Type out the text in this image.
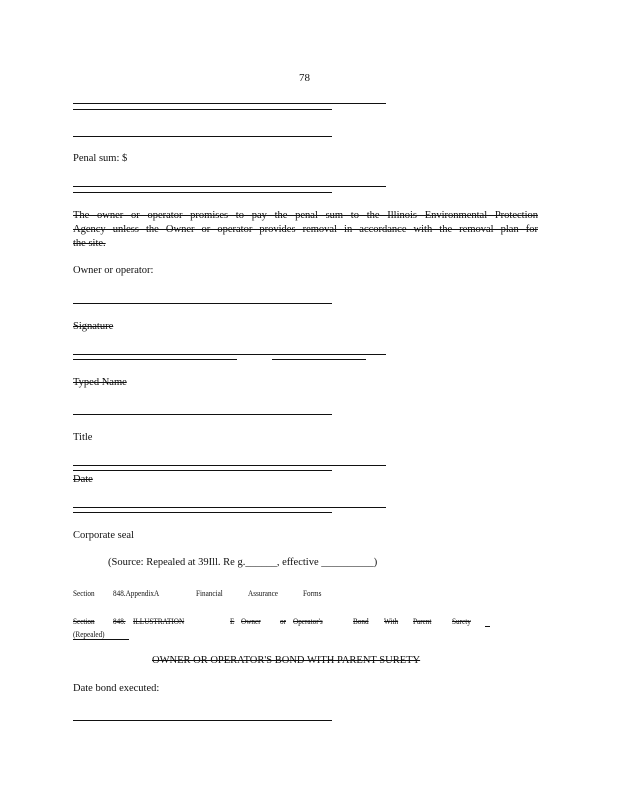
78
Penal sum: $
The owner or operator promises to pay the penal sum to the Illinois Environmental Protection
Agency unless the Owner or operator provides removal in accordance with the removal plan for
the site.
Owner or operator:
Signature
Typed Name
Title
Date
Corporate seal
(Source: Repealed at 39Ill. Re g.______, effective __________)
Section 848.AppendixA	Financial	Assurance	Forms
Section 848. ILLUSTRATION	E Owner or Operator's	Bond With Parent	Surety
(Repealed)
OWNER OR OPERATOR'S BOND WITH PARENT SURETY
Date bond executed:
